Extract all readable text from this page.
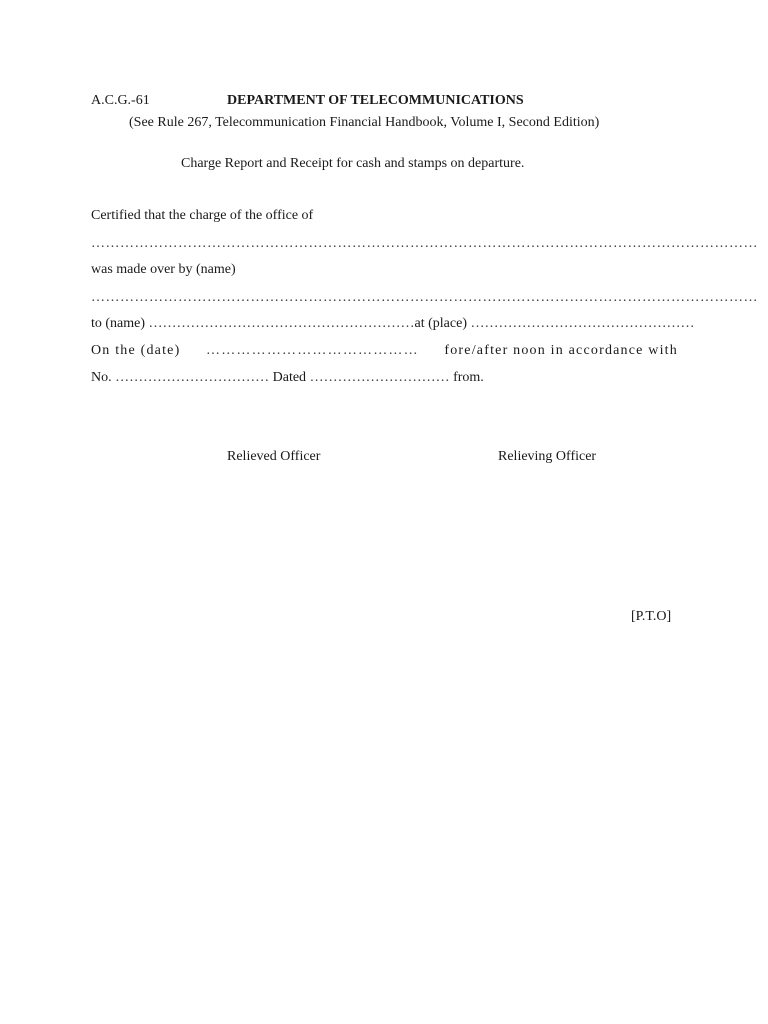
A.C.G.-61	DEPARTMENT OF TELECOMMUNICATIONS
(See Rule 267, Telecommunication Financial Handbook, Volume I, Second Edition)
Charge Report and Receipt for cash and stamps on departure.
Certified that the charge of the office of
…………………………………………………………………………………………………………………………
was made over by (name)
…………………………………………………………………………………………………………………………
to (name) ………………………………………………… at (place) …………………………………………
On the (date) …………………………………… fore/after noon in accordance with
No. …………………………… Dated ………………………… from.
Relieved Officer	Relieving Officer
[P.T.O]
